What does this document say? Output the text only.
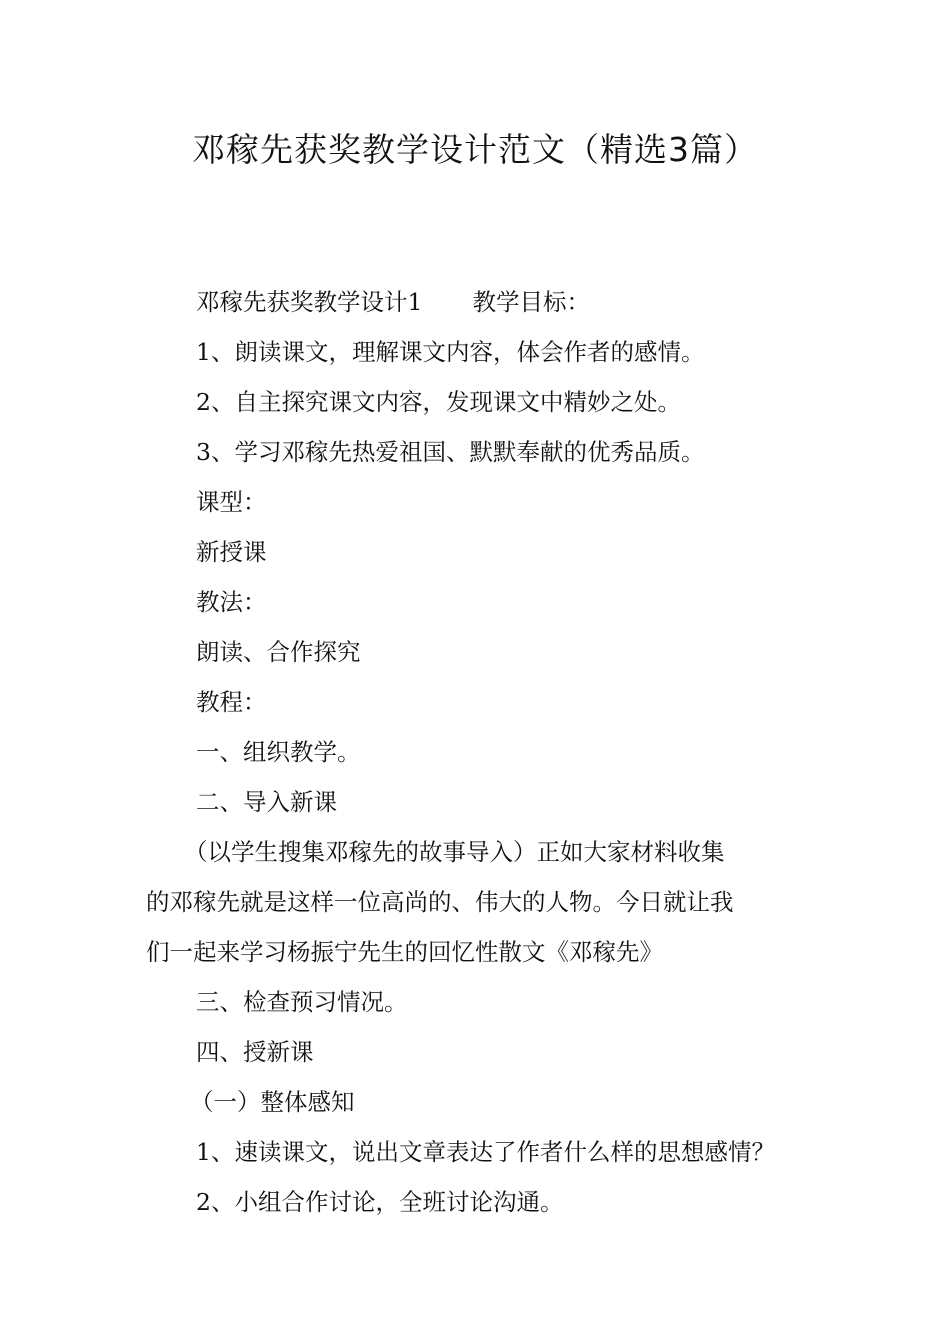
邓稼先获奖教学设计范文（精选3篇）
邓稼先获奖教学设计1 教学目标：
1、朗读课文，理解课文内容，体会作者的感情。
2、自主探究课文内容，发现课文中精妙之处。
3、学习邓稼先热爱祖国、默默奉献的优秀品质。
课型：
新授课
教法：
朗读、合作探究
教程：
一、组织教学。
二、导入新课
（以学生搜集邓稼先的故事导入）正如大家材料收集
的邓稼先就是这样一位高尚的、伟大的人物。今日就让我
们一起来学习杨振宁先生的回忆性散文《邓稼先》
三、检查预习情况。
四、授新课
（一）整体感知
1、速读课文，说出文章表达了作者什么样的思想感情？
2、小组合作讨论，全班讨论沟通。
